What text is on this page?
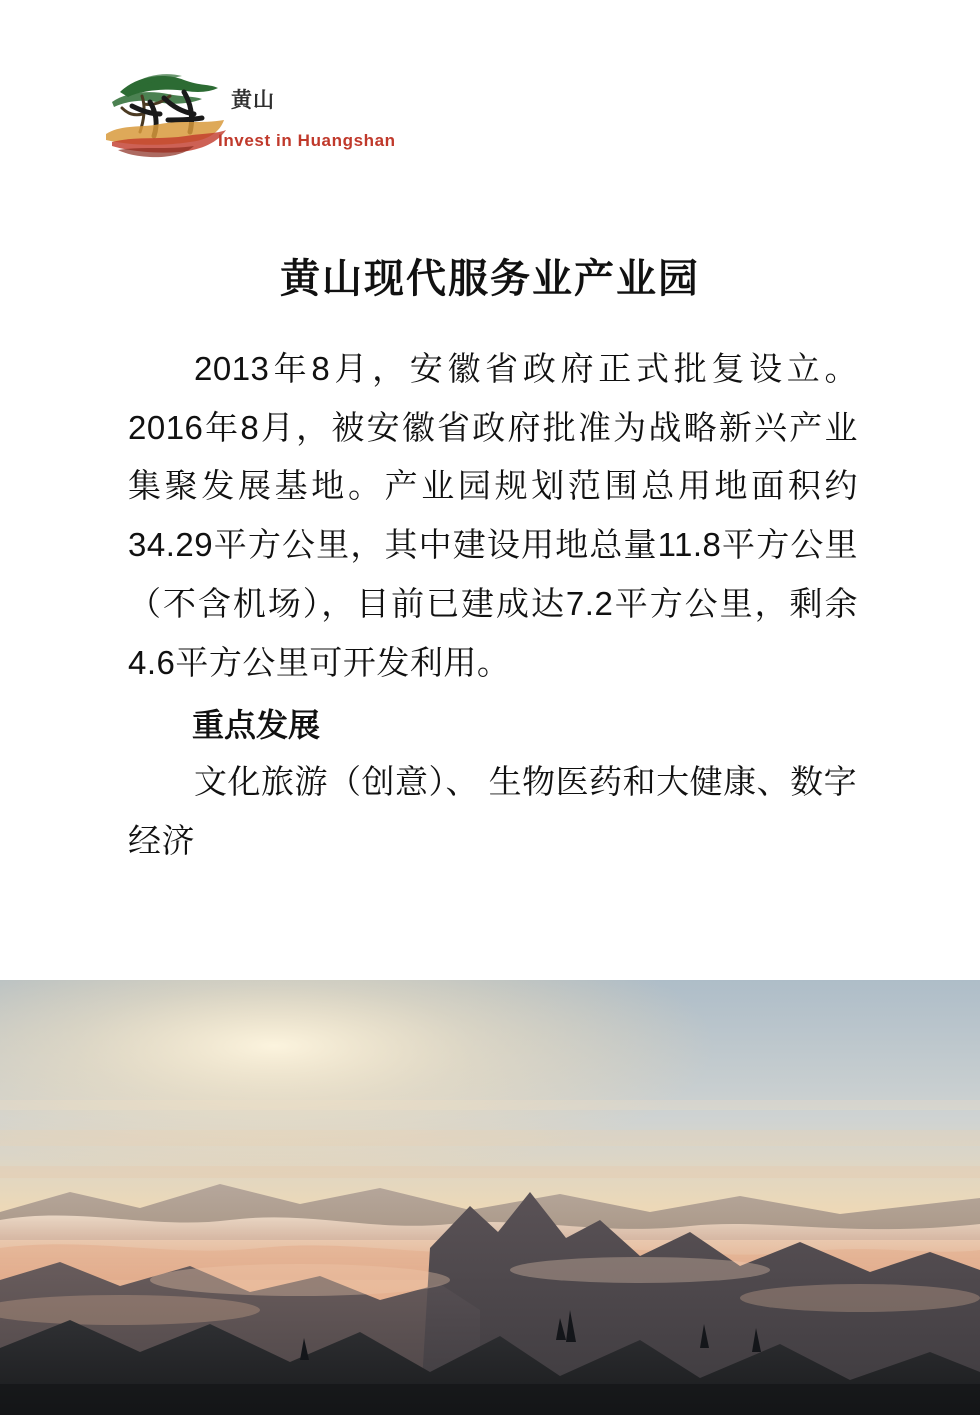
黄山
Invest in Huangshan
黄山现代服务业产业园

2013年8月，安徽省政府正式批复设立。2016年8月，被安徽省政府批准为战略新兴产业集聚发展基地。产业园规划范围总用地面积约34.29平方公里，其中建设用地总量11.8平方公里（不含机场），目前已建成达7.2平方公里，剩余4.6平方公里可开发利用。

重点发展

文化旅游（创意）、 生物医药和大健康、数字经济
